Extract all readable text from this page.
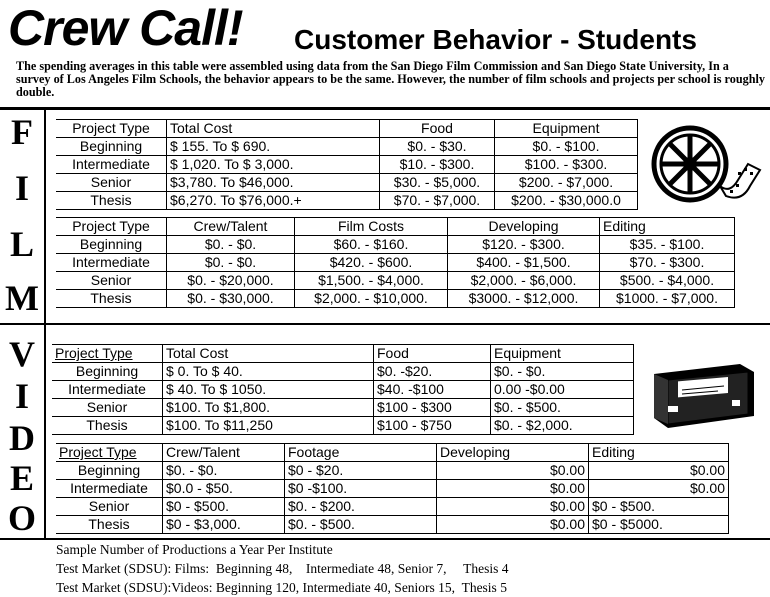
Crew Call! Customer Behavior - Students
The spending averages in this table were assembled using data from the San Diego Film Commission and San Diego State University, In a survey of Los Angeles Film Schools, the behavior appears to be the same. However, the number of film schools and projects per school is roughly double.
F
I
L
M
V
I
D
E
O
Project Type	Total Cost	Food	Equipment
Beginning	$ 155. To $ 690.	$0. - $30.	$0. - $100.
Intermediate	$ 1,020. To $ 3,000.	$10. - $300.	$100. - $300.
Senior	$3,780. To $46,000.	$30. - $5,000.	$200. - $7,000.
Thesis	$6,270. To $76,000.+	$70. - $7,000.	$200. - $30,000.0
Project Type	Crew/Talent	Film Costs	Developing	Editing
Beginning	$0. - $0.	$60. - $160.	$120. - $300.	$35. - $100.
Intermediate	$0. - $0.	$420. - $600.	$400. - $1,500.	$70. - $300.
Senior	$0. - $20,000.	$1,500. - $4,000.	$2,000. - $6,000.	$500. - $4,000.
Thesis	$0. - $30,000.	$2,000. - $10,000.	$3000. - $12,000.	$1000. - $7,000.
Project Type	Total Cost	Food	Equipment
Beginning	$ 0. To $ 40.	$0. -$20.	$0. - $0.
Intermediate	$ 40. To $ 1050.	$40. -$100	0.00 -$0.00
Senior	$100. To $1,800.	$100 - $300	$0. - $500.
Thesis	$100. To $11,250	$100 - $750	$0. - $2,000.
Project Type	Crew/Talent	Footage	Developing	Editing
Beginning	$0. - $0.	$0 - $20.	$0.00	$0.00
Intermediate	$0.0 - $50.	$0 -$100.	$0.00	$0.00
Senior	$0 - $500.	$0. - $200.	$0.00	$0 - $500.
Thesis	$0 - $3,000.	$0. - $500.	$0.00	$0 - $5000.
Sample Number of Productions a Year Per Institute
Test Market (SDSU): Films:  Beginning 48,    Intermediate 48, Senior 7,     Thesis 4
Test Market (SDSU):Videos: Beginning 120, Intermediate 40, Seniors 15,  Thesis 5
